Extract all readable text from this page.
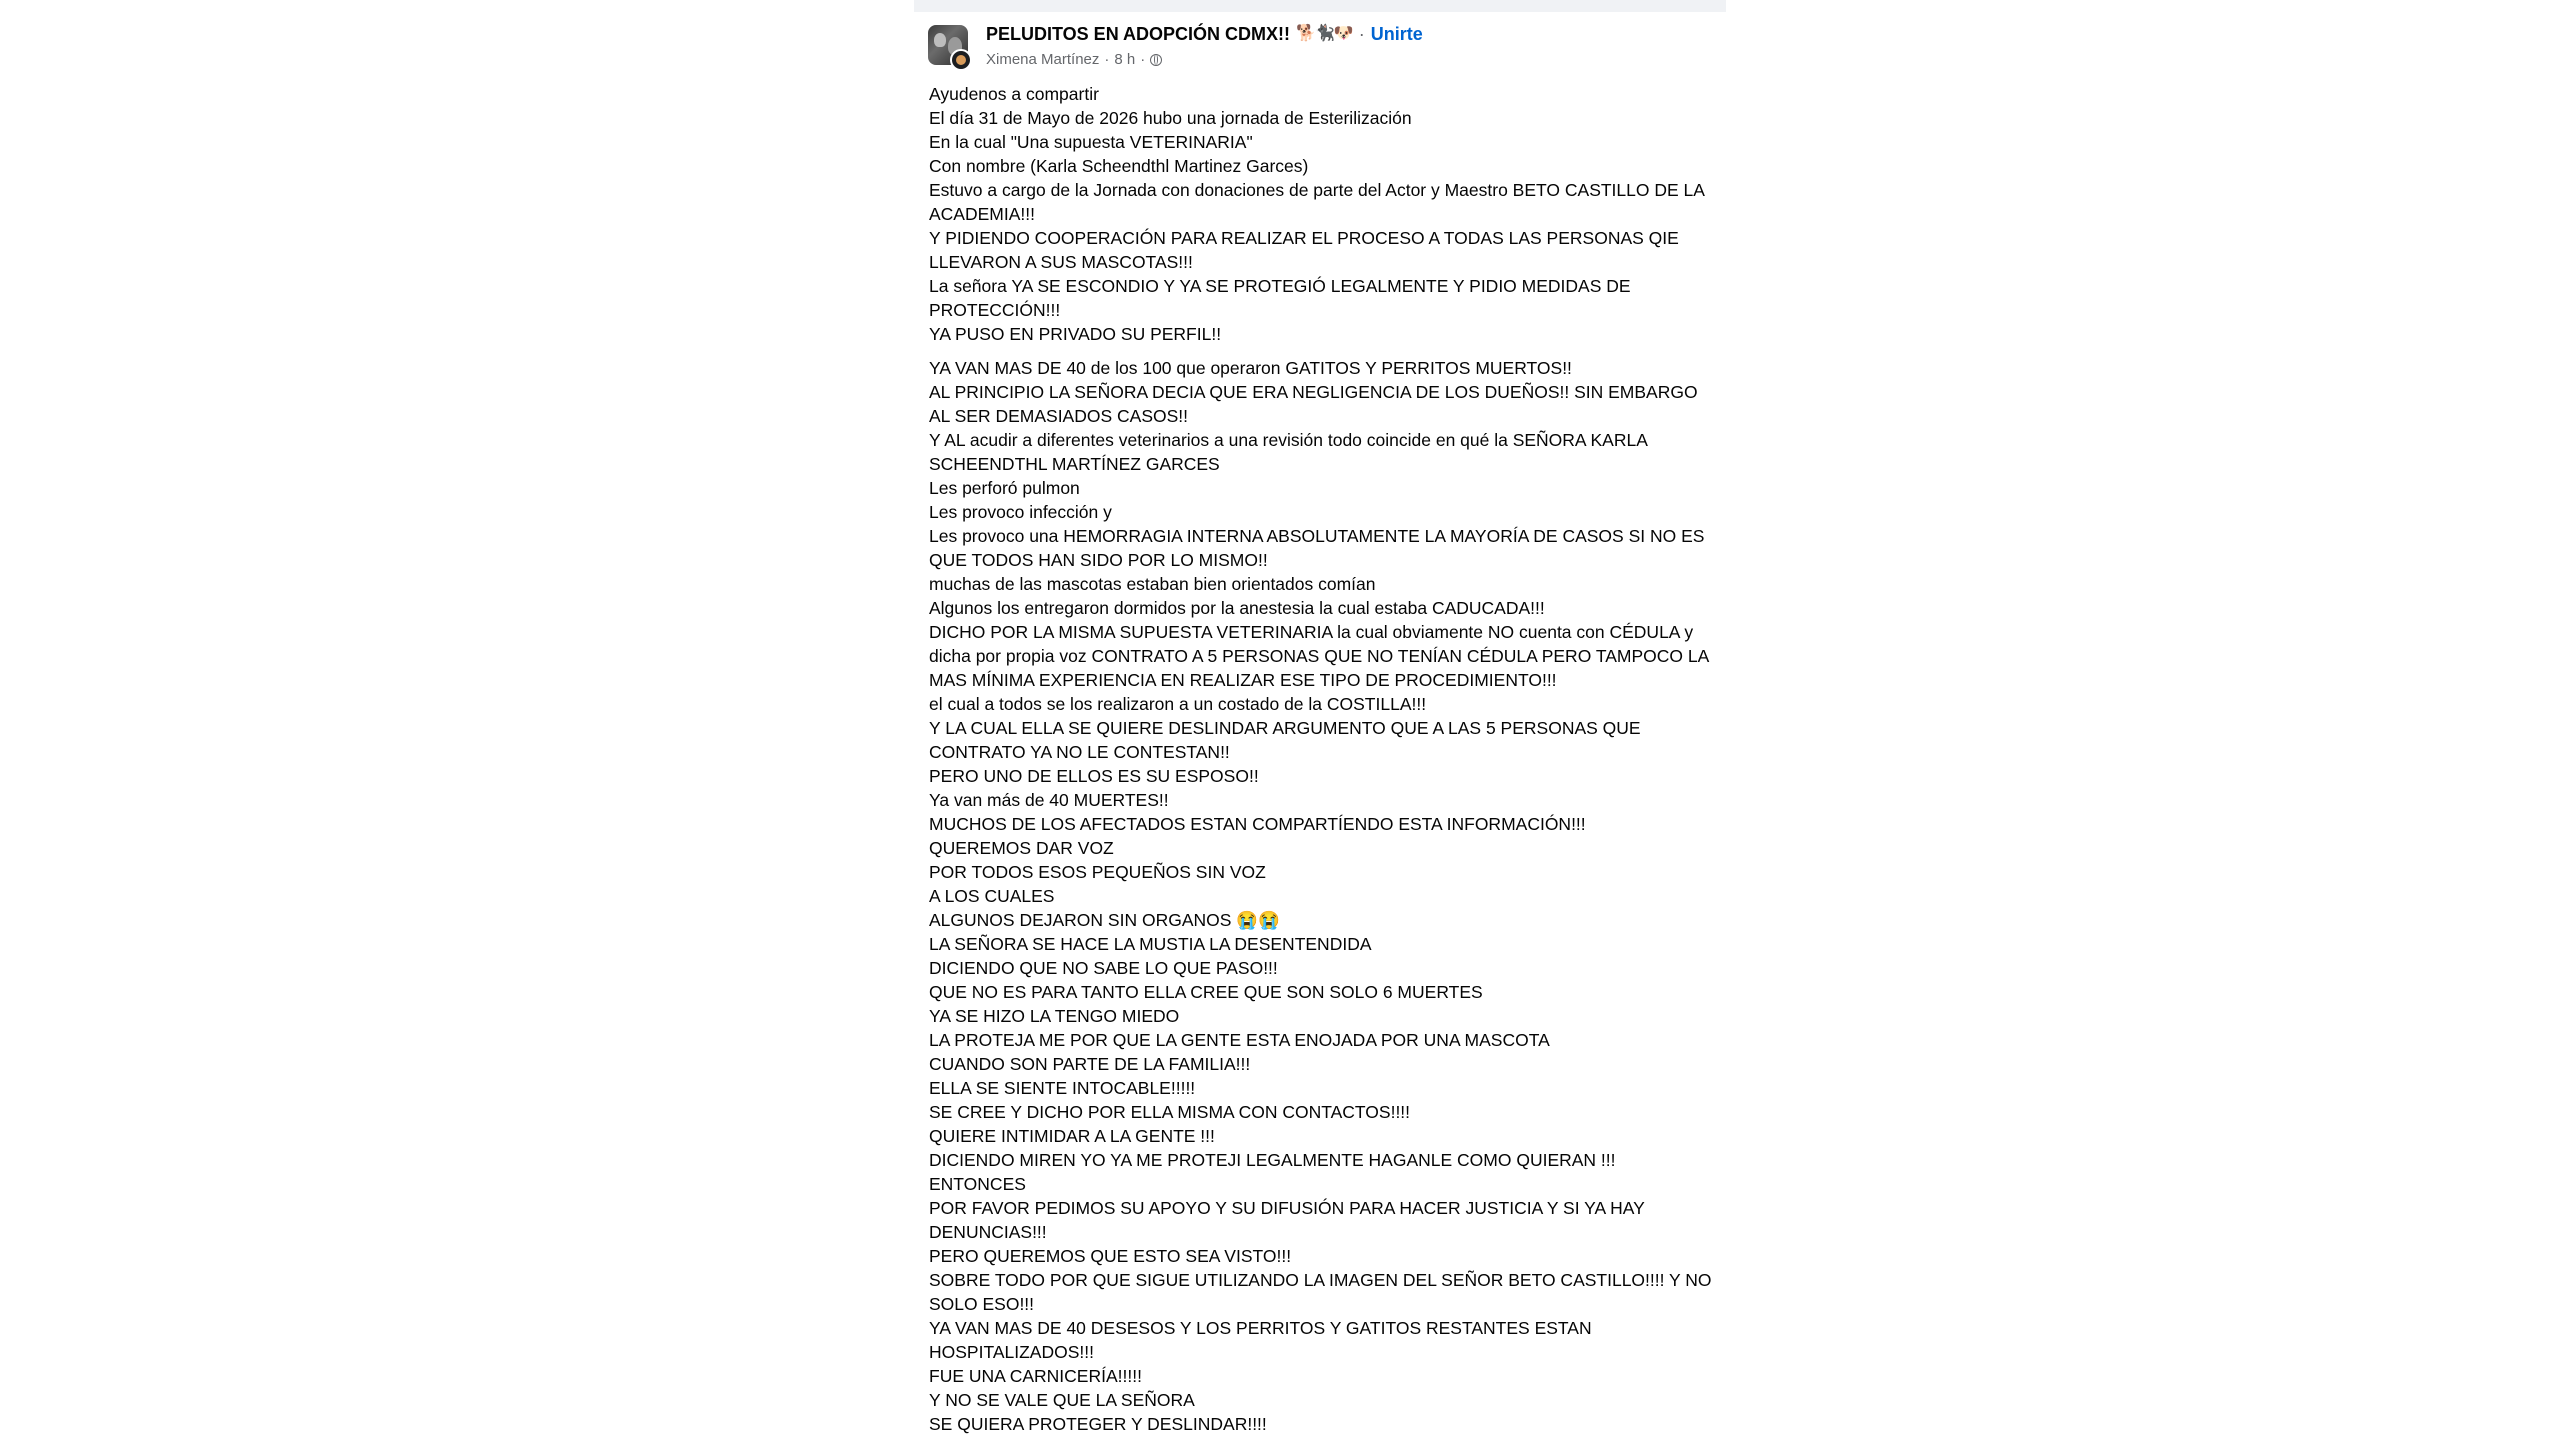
PELUDITOS EN ADOPCIÓN CDMX!! 🐕🐈‍⬛🐶 · Unirte
Ximena Martínez · 8 h ·
Ayudenos a compartir
El día 31 de Mayo de 2026 hubo una jornada de Esterilización
En la cual "Una supuesta VETERINARIA"
Con nombre (Karla Scheendthl Martinez Garces)
Estuvo a cargo de la Jornada con donaciones de parte del Actor y Maestro BETO CASTILLO DE LA ACADEMIA!!!
Y PIDIENDO COOPERACIÓN PARA REALIZAR EL PROCESO A TODAS LAS PERSONAS QIE LLEVARON A SUS MASCOTAS!!!
La señora YA SE ESCONDIO Y YA SE PROTEGIÓ LEGALMENTE Y PIDIO MEDIDAS DE PROTECCIÓN!!!
YA PUSO EN PRIVADO SU PERFIL!!
YA VAN MAS DE 40 de los 100 que operaron GATITOS Y PERRITOS MUERTOS!!
AL PRINCIPIO LA SEÑORA DECIA QUE ERA NEGLIGENCIA DE LOS DUEÑOS!! SIN EMBARGO AL SER DEMASIADOS CASOS!!
Y AL acudir a diferentes veterinarios a una revisión todo coincide en qué la SEÑORA KARLA SCHEENDTHL MARTÍNEZ GARCES
Les perforó pulmon
Les provoco infección y
Les provoco una HEMORRAGIA INTERNA ABSOLUTAMENTE LA MAYORÍA DE CASOS SI NO ES QUE TODOS HAN SIDO POR LO MISMO!!
muchas de las mascotas estaban bien orientados comían
Algunos los entregaron dormidos por la anestesia la cual estaba CADUCADA!!!
DICHO POR LA MISMA SUPUESTA VETERINARIA la cual obviamente NO cuenta con CÉDULA y dicha por propia voz CONTRATO A 5 PERSONAS QUE NO TENÍAN CÉDULA PERO TAMPOCO LA MAS MÍNIMA EXPERIENCIA EN REALIZAR ESE TIPO DE PROCEDIMIENTO!!!
el cual a todos se los realizaron a un costado de la COSTILLA!!!
Y LA CUAL ELLA SE QUIERE DESLINDAR ARGUMENTO QUE A LAS 5 PERSONAS QUE CONTRATO YA NO LE CONTESTAN!!
PERO UNO DE ELLOS ES SU ESPOSO!!
Ya van más de 40 MUERTES!!
MUCHOS DE LOS AFECTADOS ESTAN COMPARTÍENDO ESTA INFORMACIÓN!!!
QUEREMOS DAR VOZ
POR TODOS ESOS PEQUEÑOS SIN VOZ
A LOS CUALES
ALGUNOS DEJARON SIN ORGANOS 😭😭
LA SEÑORA SE HACE LA MUSTIA LA DESENTENDIDA
DICIENDO QUE NO SABE LO QUE PASO!!!
QUE NO ES PARA TANTO ELLA CREE QUE SON SOLO 6 MUERTES
YA SE HIZO LA TENGO MIEDO
LA PROTEJA ME POR QUE LA GENTE ESTA ENOJADA POR UNA MASCOTA
CUANDO SON PARTE DE LA FAMILIA!!!
ELLA SE SIENTE INTOCABLE!!!!!
SE CREE Y DICHO POR ELLA MISMA CON CONTACTOS!!!!
QUIERE INTIMIDAR A LA GENTE !!!
DICIENDO MIREN YO YA ME PROTEJI LEGALMENTE HAGANLE COMO QUIERAN !!!
ENTONCES
POR FAVOR PEDIMOS SU APOYO Y SU DIFUSIÓN PARA HACER JUSTICIA Y SI YA HAY DENUNCIAS!!!
PERO QUEREMOS QUE ESTO SEA VISTO!!!
SOBRE TODO POR QUE SIGUE UTILIZANDO LA IMAGEN DEL SEÑOR BETO CASTILLO!!!! Y NO SOLO ESO!!!
YA VAN MAS DE 40 DESESOS Y LOS PERRITOS Y GATITOS RESTANTES ESTAN HOSPITALIZADOS!!!
FUE UNA CARNICERÍA!!!!!
Y NO SE VALE QUE LA SEÑORA
SE QUIERA PROTEGER Y DESLINDAR!!!!
